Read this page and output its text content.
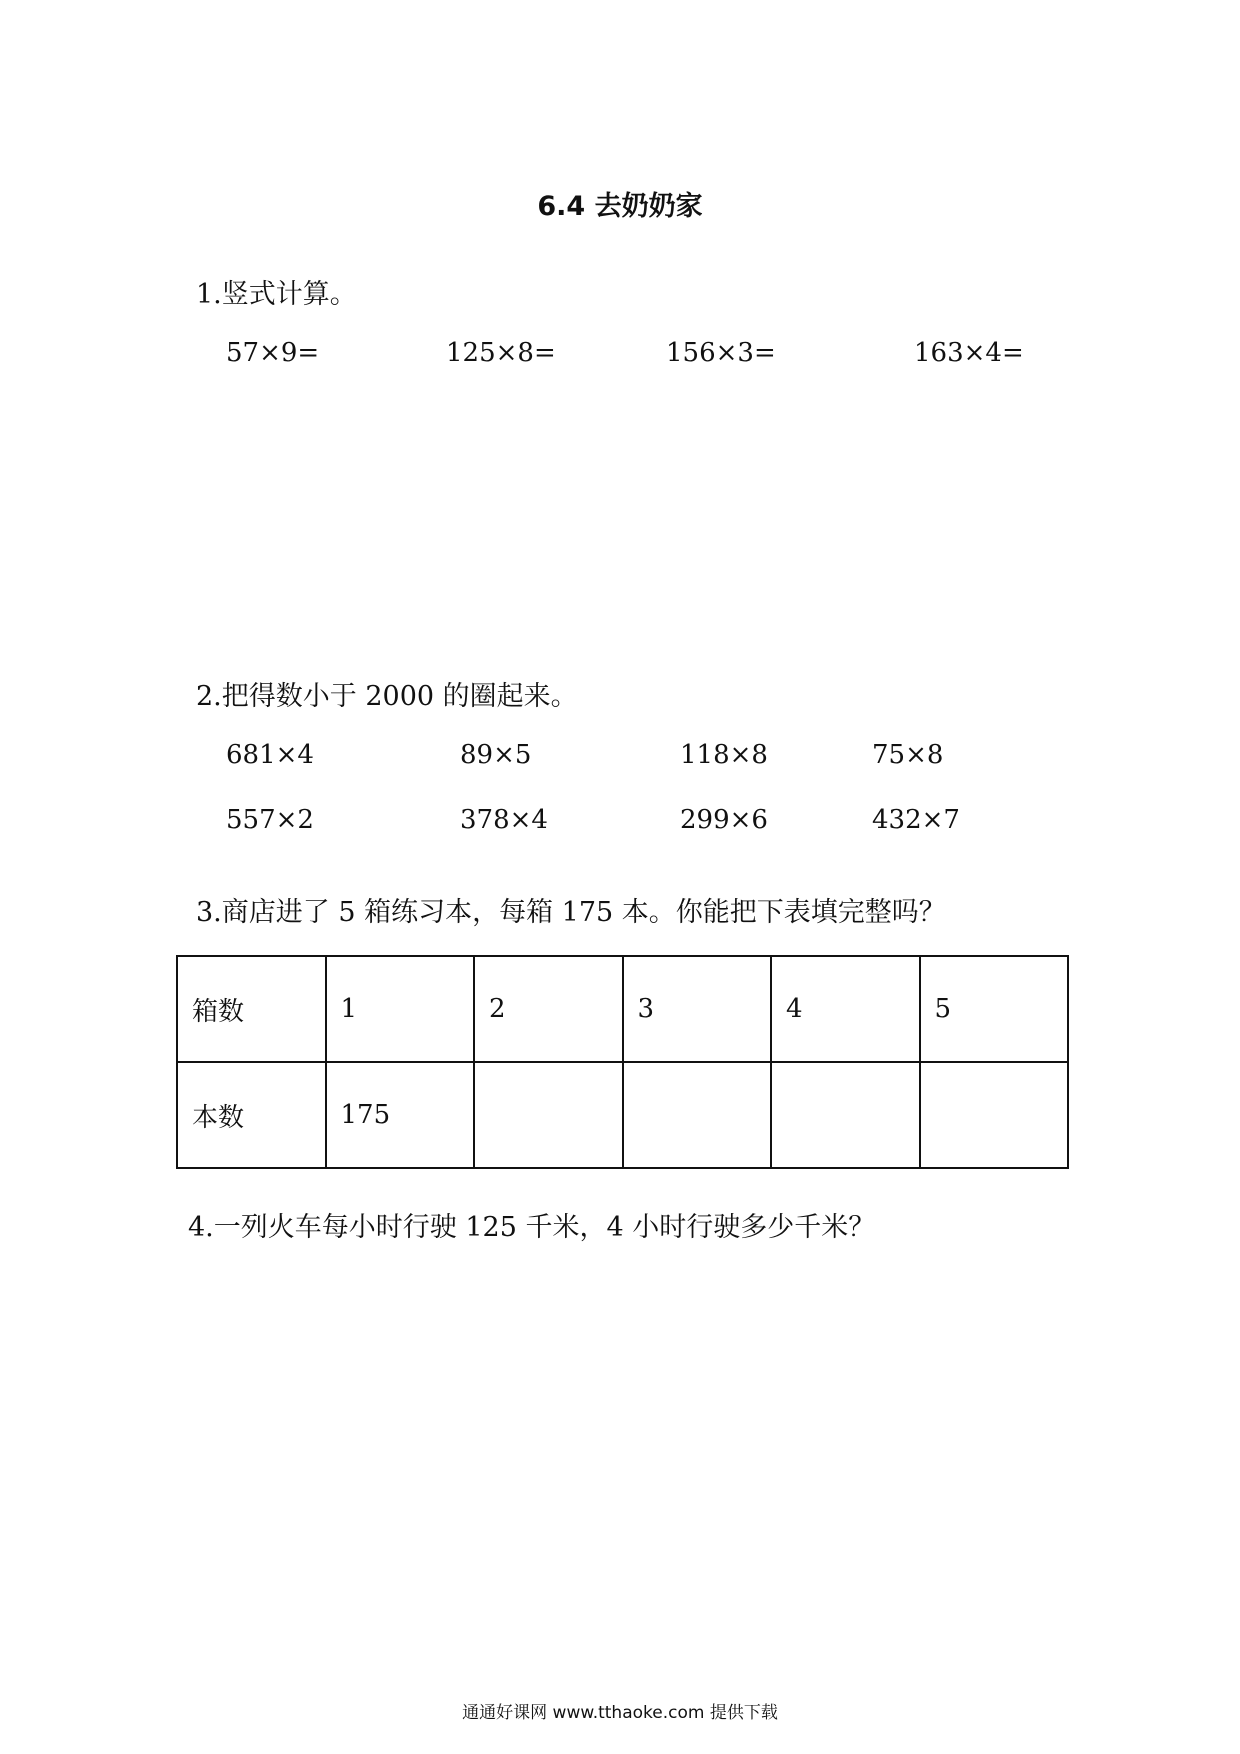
6.4 去奶奶家
1.竖式计算。
57×9=	125×8=	156×3=	163×4=
2.把得数小于 2000 的圈起来。
681×4	89×5	118×8	75×8
557×2	378×4	299×6	432×7
3.商店进了 5 箱练习本，每箱 175 本。你能把下表填完整吗？
箱数	1	2	3	4	5
本数	175				
4.一列火车每小时行驶 125 千米，4 小时行驶多少千米？
通通好课网 www.tthaoke.com 提供下载
